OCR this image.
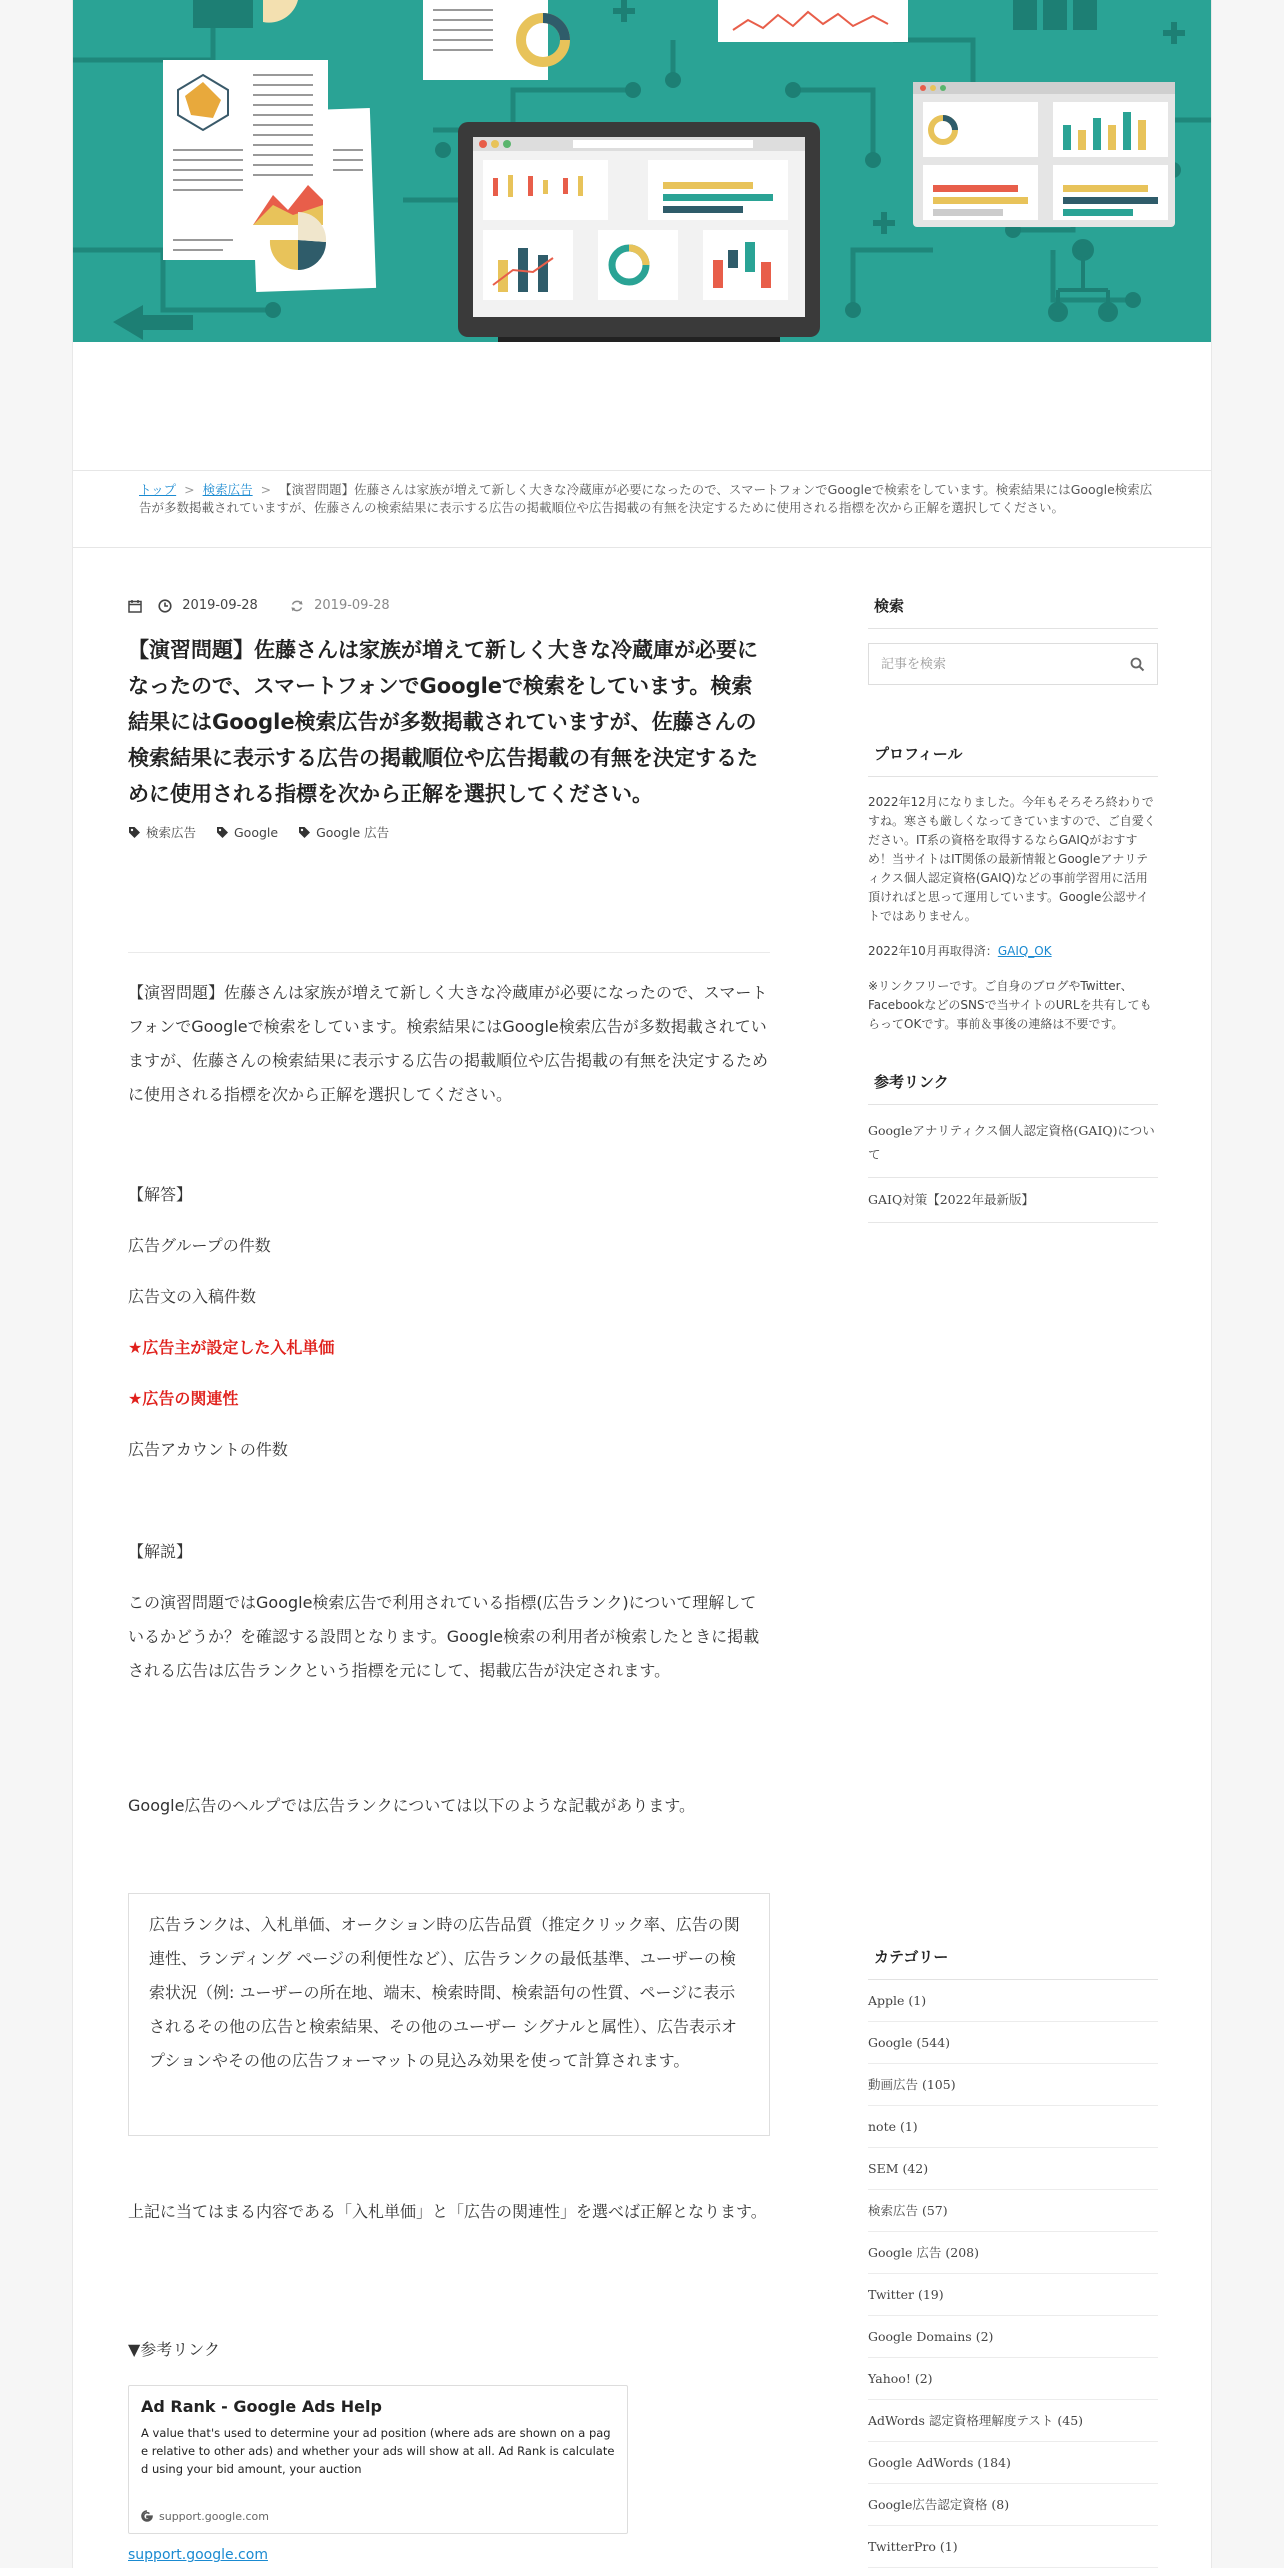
トップ > 検索広告 > 【演習問題】佐藤さんは家族が増えて新しく大きな冷蔵庫が必要になったので、スマートフォンでGoogleで検索をしています。検索結果にはGoogle検索広告が多数掲載されていますが、佐藤さんの検索結果に表示する広告の掲載順位や広告掲載の有無を決定するために使用される指標を次から正解を選択してください。
2019-09-28	2019-09-28
【演習問題】佐藤さんは家族が増えて新しく大きな冷蔵庫が必要になったので、スマートフォンでGoogleで検索をしています。検索結果にはGoogle検索広告が多数掲載されていますが、佐藤さんの検索結果に表示する広告の掲載順位や広告掲載の有無を決定するために使用される指標を次から正解を選択してください。
検索広告	Google	Google 広告

【演習問題】佐藤さんは家族が増えて新しく大きな冷蔵庫が必要になったので、スマートフォンでGoogleで検索をしています。検索結果にはGoogle検索広告が多数掲載されていますが、佐藤さんの検索結果に表示する広告の掲載順位や広告掲載の有無を決定するために使用される指標を次から正解を選択してください。

【解答】

広告グループの件数

広告文の入稿件数

★広告主が設定した入札単価

★広告の関連性

広告アカウントの件数

【解説】

この演習問題ではGoogle検索広告で利用されている指標(広告ランク)について理解しているかどうか？を確認する設問となります。Google検索の利用者が検索したときに掲載される広告は広告ランクという指標を元にして、掲載広告が決定されます。

Google広告のヘルプでは広告ランクについては以下のような記載があります。

広告ランクは、入札単価、オークション時の広告品質（推定クリック率、広告の関連性、ランディング ページの利便性など）、広告ランクの最低基準、ユーザーの検索状況（例: ユーザーの所在地、端末、検索時間、検索語句の性質、ページに表示されるその他の広告と検索結果、その他のユーザー シグナルと属性）、広告表示オプションやその他の広告フォーマットの見込み効果を使って計算されます。

上記に当てはまる内容である「入札単価」と「広告の関連性」を選べば正解となります。

▼参考リンク

Ad Rank - Google Ads Help
A value that's used to determine your ad position (where ads are shown on a page relative to other ads) and whether your ads will show at all. Ad Rank is calculated using your bid amount, your auction
support.google.com
support.google.com
検索
記事を検索
プロフィール

2022年12月になりました。今年もそろそろ終わりですね。寒さも厳しくなってきていますので、ご自愛ください。IT系の資格を取得するならGAIQがおすすめ！当サイトはIT関係の最新情報とGoogleアナリティクス個人認定資格(GAIQ)などの事前学習用に活用頂ければと思って運用しています。Google公認サイトではありません。

2022年10月再取得済：GAIQ_OK

※リンクフリーです。ご自身のブログやTwitter、FacebookなどのSNSで当サイトのURLを共有してもらってOKです。事前＆事後の連絡は不要です。

参考リンク
Googleアナリティクス個人認定資格(GAIQ)について
GAIQ対策【2022年最新版】
カテゴリー
Apple (1)
Google (544)
動画広告 (105)
note (1)
SEM (42)
検索広告 (57)
Google 広告 (208)
Twitter (19)
Google Domains (2)
Yahoo! (2)
AdWords 認定資格理解度テスト (45)
Google AdWords (184)
Google広告認定資格 (8)
TwitterPro (1)
